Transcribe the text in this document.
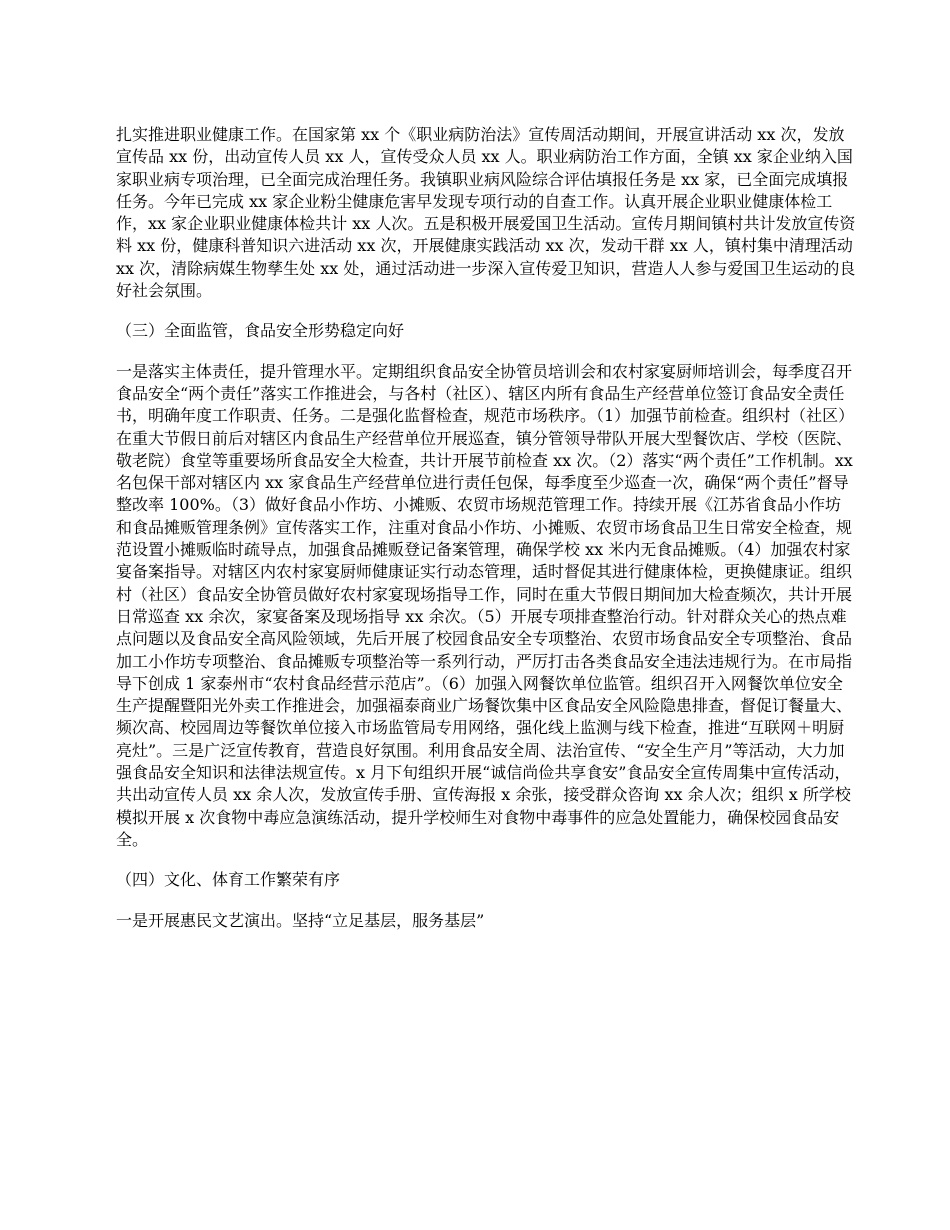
扎实推进职业健康工作。在国家第 xx 个《职业病防治法》宣传周活动期间，开展宣讲活动 xx 次，发放宣传品 xx 份，出动宣传人员 xx 人，宣传受众人员 xx 人。职业病防治工作方面，全镇 xx 家企业纳入国家职业病专项治理，已全面完成治理任务。我镇职业病风险综合评估填报任务是 xx 家，已全面完成填报任务。今年已完成 xx 家企业粉尘健康危害早发现专项行动的自查工作。认真开展企业职业健康体检工作，xx 家企业职业健康体检共计 xx 人次。五是积极开展爱国卫生活动。宣传月期间镇村共计发放宣传资料 xx 份，健康科普知识六进活动 xx 次，开展健康实践活动 xx 次，发动干群 xx 人，镇村集中清理活动 xx 次，清除病媒生物孳生处 xx 处，通过活动进一步深入宣传爱卫知识，营造人人参与爱国卫生运动的良好社会氛围。

（三）全面监管，食品安全形势稳定向好

一是落实主体责任，提升管理水平。定期组织食品安全协管员培训会和农村家宴厨师培训会，每季度召开食品安全“两个责任”落实工作推进会，与各村（社区）、辖区内所有食品生产经营单位签订食品安全责任书，明确年度工作职责、任务。二是强化监督检查，规范市场秩序。（1）加强节前检查。组织村（社区）在重大节假日前后对辖区内食品生产经营单位开展巡查，镇分管领导带队开展大型餐饮店、学校（医院、敬老院）食堂等重要场所食品安全大检查，共计开展节前检查 xx 次。（2）落实“两个责任”工作机制。xx 名包保干部对辖区内 xx 家食品生产经营单位进行责任包保，每季度至少巡查一次，确保“两个责任”督导整改率 100%。（3）做好食品小作坊、小摊贩、农贸市场规范管理工作。持续开展《江苏省食品小作坊和食品摊贩管理条例》宣传落实工作，注重对食品小作坊、小摊贩、农贸市场食品卫生日常安全检查，规范设置小摊贩临时疏导点，加强食品摊贩登记备案管理，确保学校 xx 米内无食品摊贩。（4）加强农村家宴备案指导。对辖区内农村家宴厨师健康证实行动态管理，适时督促其进行健康体检，更换健康证。组织村（社区）食品安全协管员做好农村家宴现场指导工作，同时在重大节假日期间加大检查频次，共计开展日常巡查 xx 余次，家宴备案及现场指导 xx 余次。（5）开展专项排查整治行动。针对群众关心的热点难点问题以及食品安全高风险领域，先后开展了校园食品安全专项整治、农贸市场食品安全专项整治、食品加工小作坊专项整治、食品摊贩专项整治等一系列行动，严厉打击各类食品安全违法违规行为。在市局指导下创成 1 家泰州市“农村食品经营示范店”。（6）加强入网餐饮单位监管。组织召开入网餐饮单位安全生产提醒暨阳光外卖工作推进会，加强福泰商业广场餐饮集中区食品安全风险隐患排查，督促订餐量大、频次高、校园周边等餐饮单位接入市场监管局专用网络，强化线上监测与线下检查，推进“互联网＋明厨亮灶”。三是广泛宣传教育，营造良好氛围。利用食品安全周、法治宣传、“安全生产月”等活动，大力加强食品安全知识和法律法规宣传。x 月下旬组织开展“诚信尚俭共享食安”食品安全宣传周集中宣传活动，共出动宣传人员 xx 余人次，发放宣传手册、宣传海报 x 余张，接受群众咨询 xx 余人次；组织 x 所学校模拟开展 x 次食物中毒应急演练活动，提升学校师生对食物中毒事件的应急处置能力，确保校园食品安全。

（四）文化、体育工作繁荣有序

一是开展惠民文艺演出。坚持“立足基层，服务基层”
